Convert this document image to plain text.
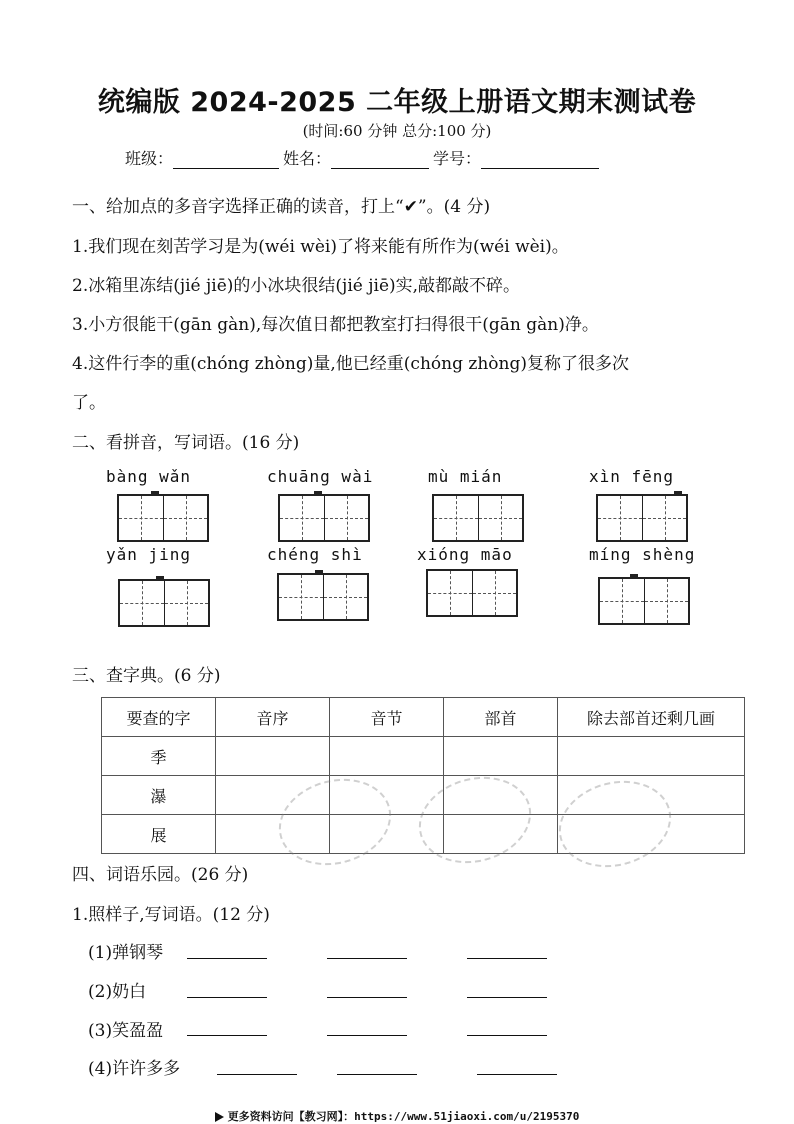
统编版 2024-2025 二年级上册语文期末测试卷
(时间:60 分钟 总分:100 分)
班级：	姓名：	学号：
一、给加点的多音字选择正确的读音，打上“✔”。(4 分)
1.我们现在刻苦学习是为(wéi wèi)了将来能有所作为(wéi wèi)。
2.冰箱里冻结(jié jiē)的小冰块很结(jié jiē)实,敲都敲不碎。
3.小方很能干(gān gàn),每次值日都把教室打扫得很干(gān gàn)净。
4.这件行李的重(chóng zhòng)量,他已经重(chóng zhòng)复称了很多次
了。
二、看拼音，写词语。(16 分)
bàng wǎn	chuāng wài	mù mián	xìn fēng
yǎn jing	chéng shì	xióng māo	míng shèng
三、查字典。(6 分)
要查的字	音序	音节	部首	除去部首还剩几画
季				
瀑				
展				
四、词语乐园。(26 分)
1.照样子,写词语。(12 分)
(1)弹钢琴
(2)奶白
(3)笑盈盈
(4)许许多多
更多资料访问【教习网】：https://www.51jiaoxi.com/u/2195370
